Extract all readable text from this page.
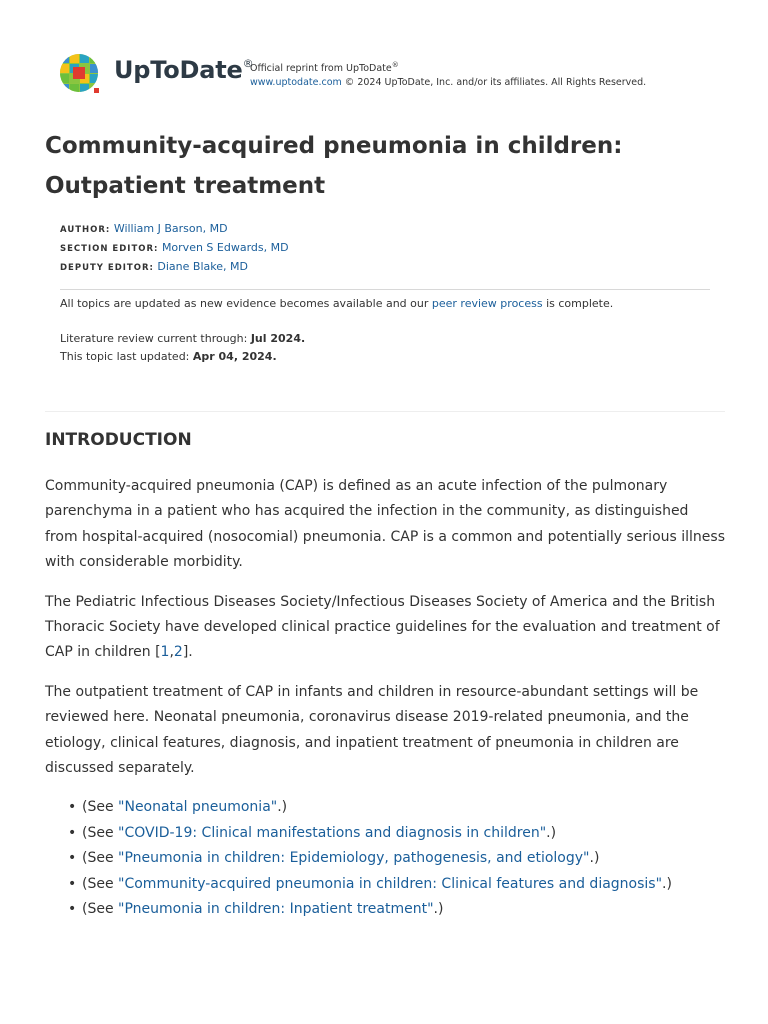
UpToDate®
Official reprint from UpToDate®
www.uptodate.com © 2024 UpToDate, Inc. and/or its affiliates. All Rights Reserved.
Community-acquired pneumonia in children: Outpatient treatment
AUTHOR: William J Barson, MD
SECTION EDITOR: Morven S Edwards, MD
DEPUTY EDITOR: Diane Blake, MD
All topics are updated as new evidence becomes available and our peer review process is complete.
Literature review current through: Jul 2024.
This topic last updated: Apr 04, 2024.
INTRODUCTION

Community-acquired pneumonia (CAP) is defined as an acute infection of the pulmonary parenchyma in a patient who has acquired the infection in the community, as distinguished from hospital-acquired (nosocomial) pneumonia. CAP is a common and potentially serious illness with considerable morbidity.

The Pediatric Infectious Diseases Society/Infectious Diseases Society of America and the British Thoracic Society have developed clinical practice guidelines for the evaluation and treatment of CAP in children [1,2].

The outpatient treatment of CAP in infants and children in resource-abundant settings will be reviewed here. Neonatal pneumonia, coronavirus disease 2019-related pneumonia, and the etiology, clinical features, diagnosis, and inpatient treatment of pneumonia in children are discussed separately.

• (See "Neonatal pneumonia".)
• (See "COVID-19: Clinical manifestations and diagnosis in children".)
• (See "Pneumonia in children: Epidemiology, pathogenesis, and etiology".)
• (See "Community-acquired pneumonia in children: Clinical features and diagnosis".)
• (See "Pneumonia in children: Inpatient treatment".)
